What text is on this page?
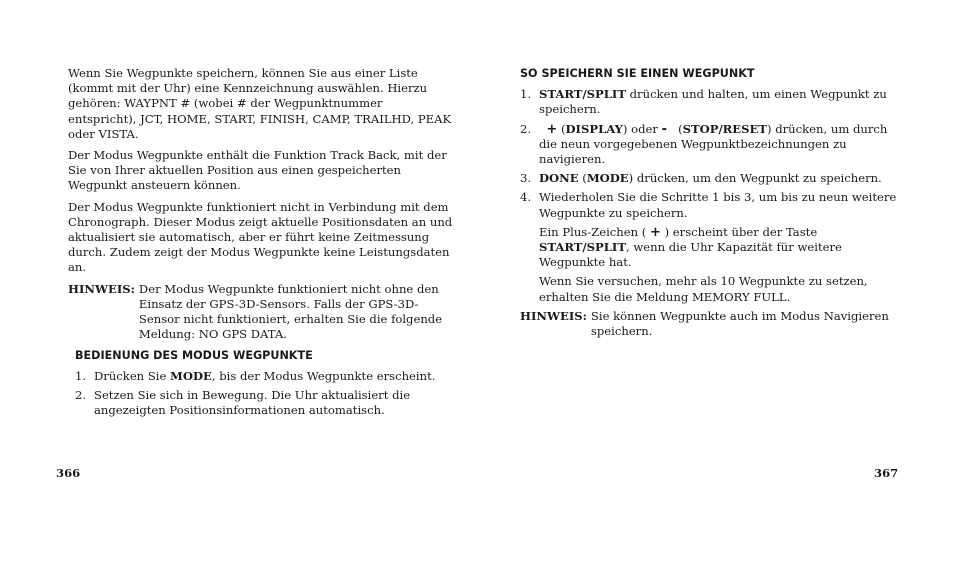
Wenn Sie Wegpunkte speichern, können Sie aus einer Liste (kommt mit der Uhr) eine Kennzeichnung auswählen. Hierzu gehören: WAYPNT # (wobei # der Wegpunktnummer entspricht), JCT, HOME, START, FINISH, CAMP, TRAILHD, PEAK oder VISTA.

Der Modus Wegpunkte enthält die Funktion Track Back, mit der Sie von Ihrer aktuellen Position aus einen gespeicherten Wegpunkt ansteuern können.

Der Modus Wegpunkte funktioniert nicht in Verbindung mit dem Chronograph. Dieser Modus zeigt aktuelle Positionsdaten an und aktualisiert sie automatisch, aber er führt keine Zeitmessung durch. Zudem zeigt der Modus Wegpunkte keine Leistungsdaten an.

HINWEIS: Der Modus Wegpunkte funktioniert nicht ohne den Einsatz der GPS-3D-Sensors. Falls der GPS-3D-Sensor nicht funktioniert, erhalten Sie die folgende Meldung: NO GPS DATA.
BEDIENUNG DES MODUS WEGPUNKTE
1. Drücken Sie MODE, bis der Modus Wegpunkte erscheint.
2. Setzen Sie sich in Bewegung. Die Uhr aktualisiert die angezeigten Positionsinformationen automatisch.
SO SPEICHERN SIE EINEN WEGPUNKT
1. START/SPLIT drücken und halten, um einen Wegpunkt zu speichern.
2.	+ (DISPLAY) oder -   (STOP/RESET) drücken, um durch die neun vorgegebenen Wegpunktbezeichnungen zu navigieren.
3. DONE (MODE) drücken, um den Wegpunkt zu speichern.
4. Wiederholen Sie die Schritte 1 bis 3, um bis zu neun weitere Wegpunkte zu speichern.

Ein Plus-Zeichen ( + ) erscheint über der Taste START/SPLIT, wenn die Uhr Kapazität für weitere Wegpunkte hat.

Wenn Sie versuchen, mehr als 10 Wegpunkte zu setzen, erhalten Sie die Meldung MEMORY FULL.

HINWEIS: Sie können Wegpunkte auch im Modus Navigieren speichern.
366	367
